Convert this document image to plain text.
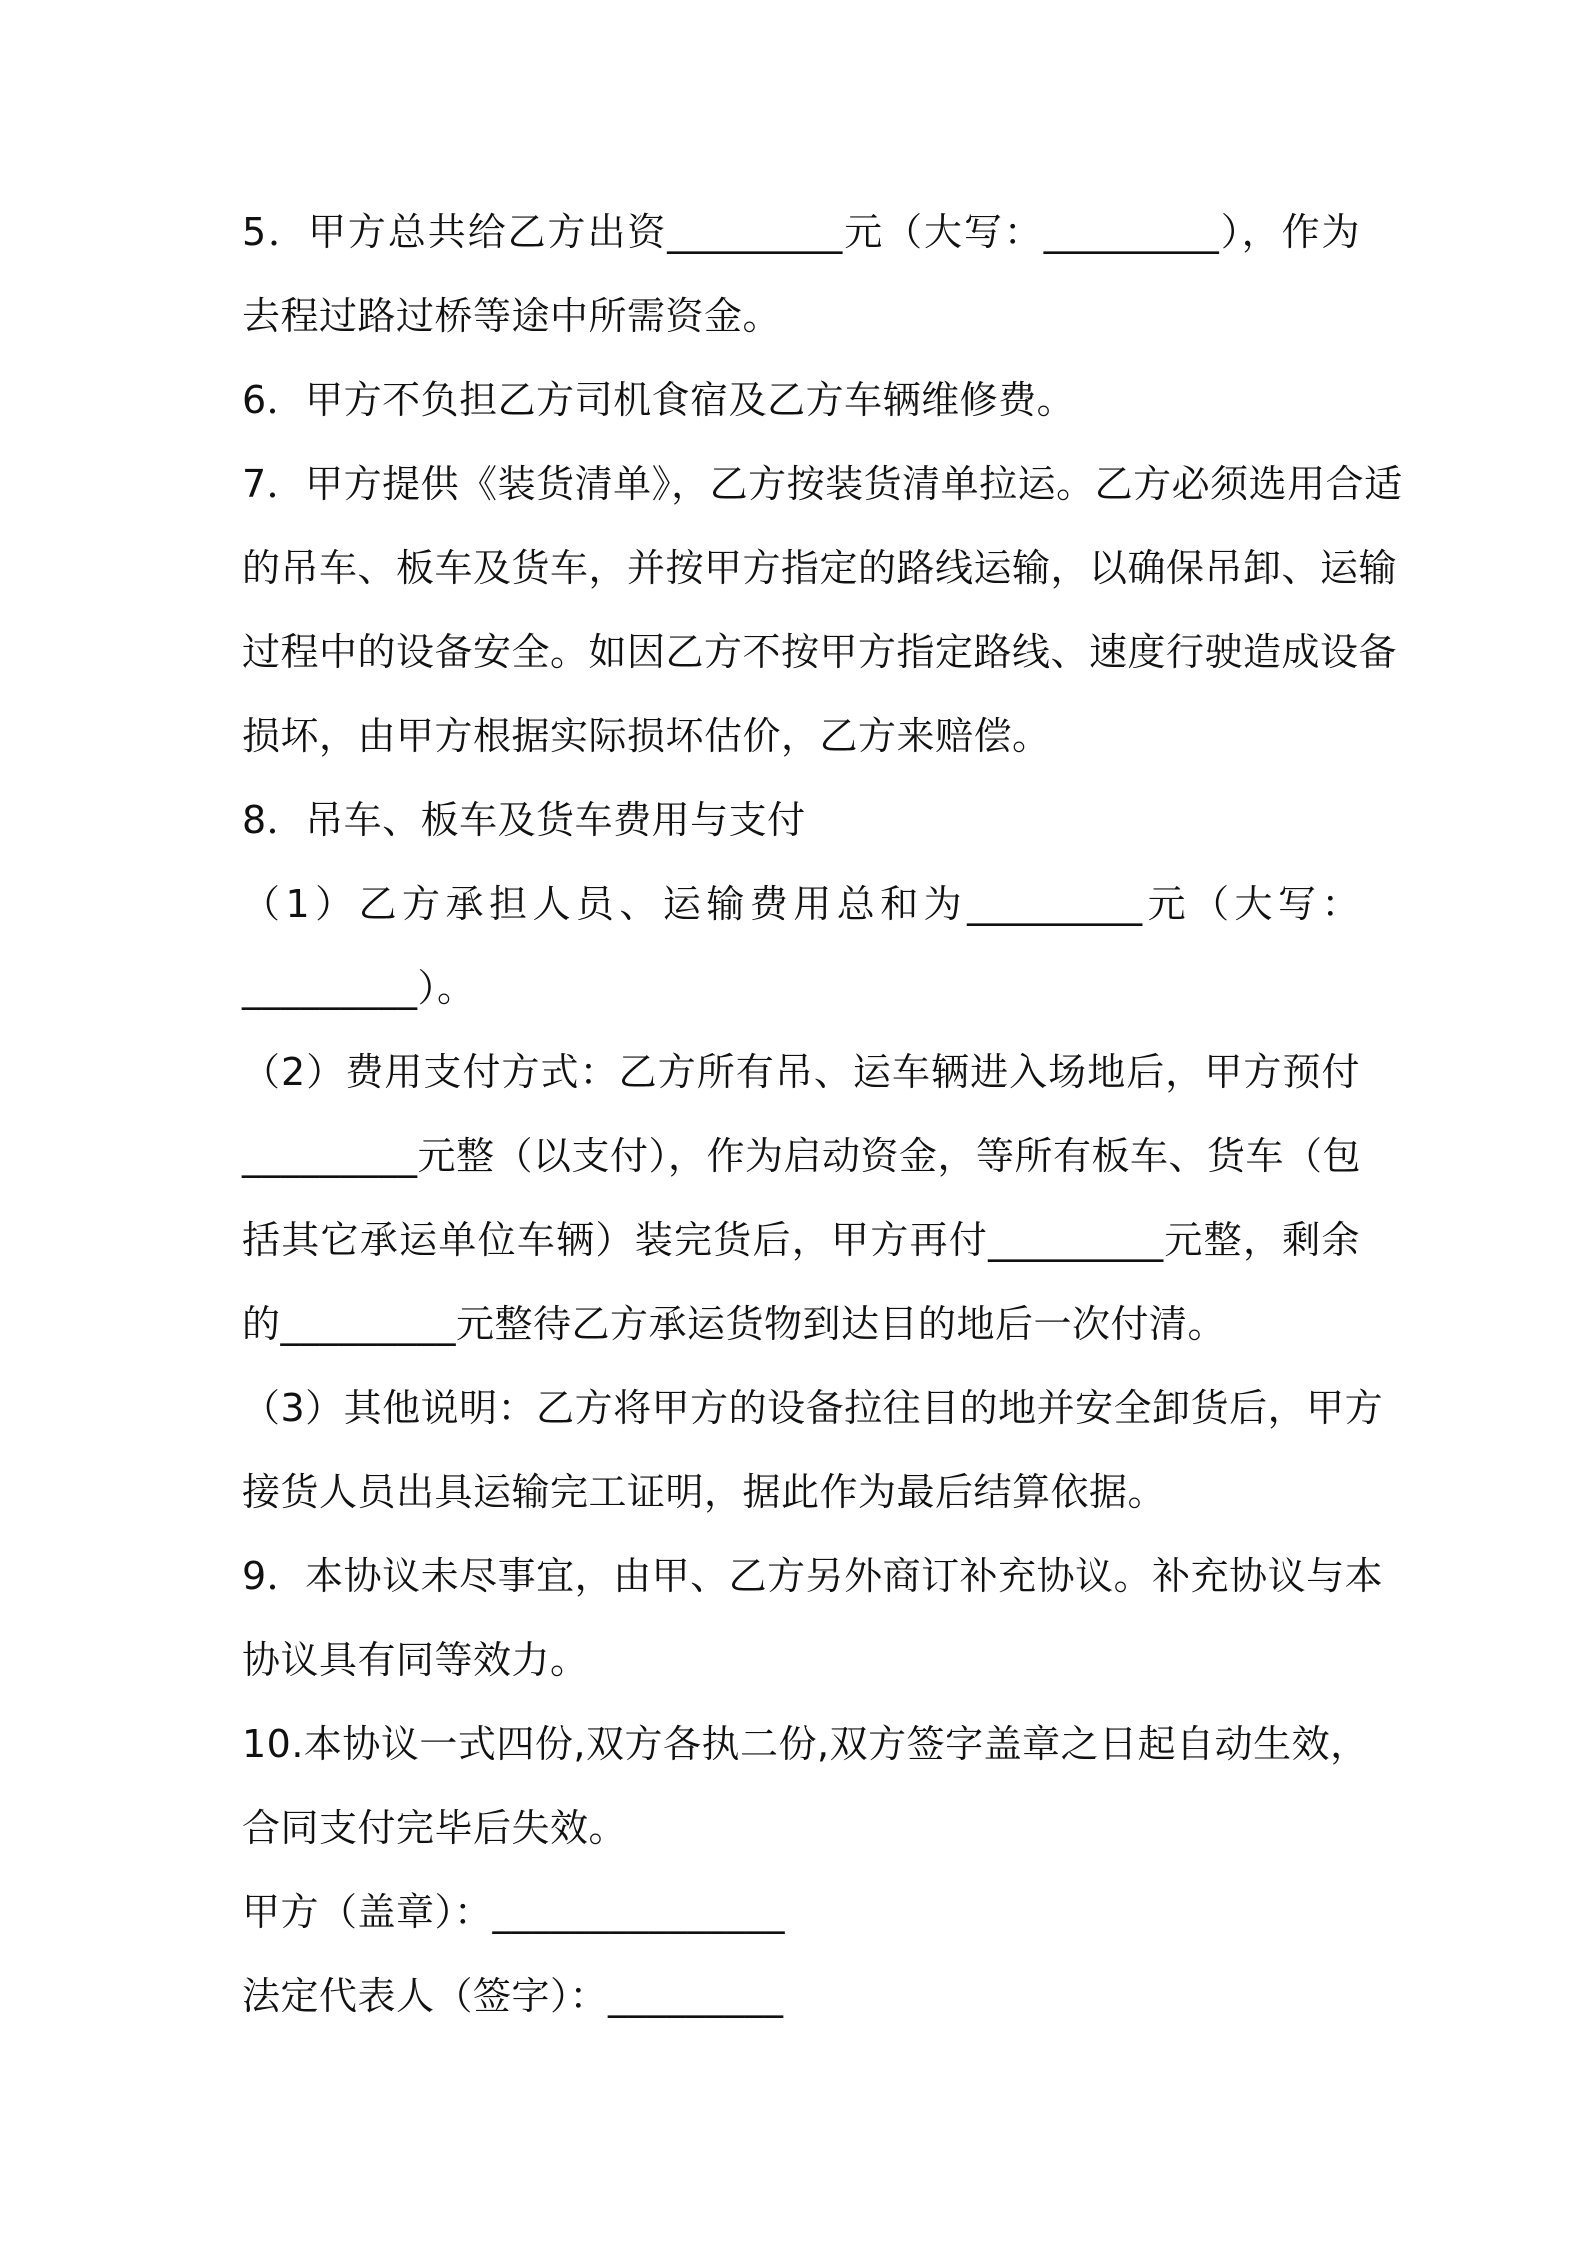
5．甲方总共给乙方出资_________元（大写：_________），作为

去程过路过桥等途中所需资金。

6．甲方不负担乙方司机食宿及乙方车辆维修费。

7．甲方提供《装货清单》，乙方按装货清单拉运。乙方必须选用合适

的吊车、板车及货车，并按甲方指定的路线运输，以确保吊卸、运输

过程中的设备安全。如因乙方不按甲方指定路线、速度行驶造成设备

损坏，由甲方根据实际损坏估价，乙方来赔偿。

8．吊车、板车及货车费用与支付

（1）乙方承担人员、运输费用总和为_________元（大写：

_________）。

（2）费用支付方式：乙方所有吊、运车辆进入场地后，甲方预付

_________元整（以支付），作为启动资金，等所有板车、货车（包

括其它承运单位车辆）装完货后，甲方再付_________元整，剩余

的_________元整待乙方承运货物到达目的地后一次付清。

（3）其他说明：乙方将甲方的设备拉往目的地并安全卸货后，甲方

接货人员出具运输完工证明，据此作为最后结算依据。

9．本协议未尽事宜，由甲、乙方另外商订补充协议。补充协议与本

协议具有同等效力。

10.本协议一式四份,双方各执二份,双方签字盖章之日起自动生效，

合同支付完毕后失效。

甲方（盖章）：_______________

法定代表人（签字）：_________
